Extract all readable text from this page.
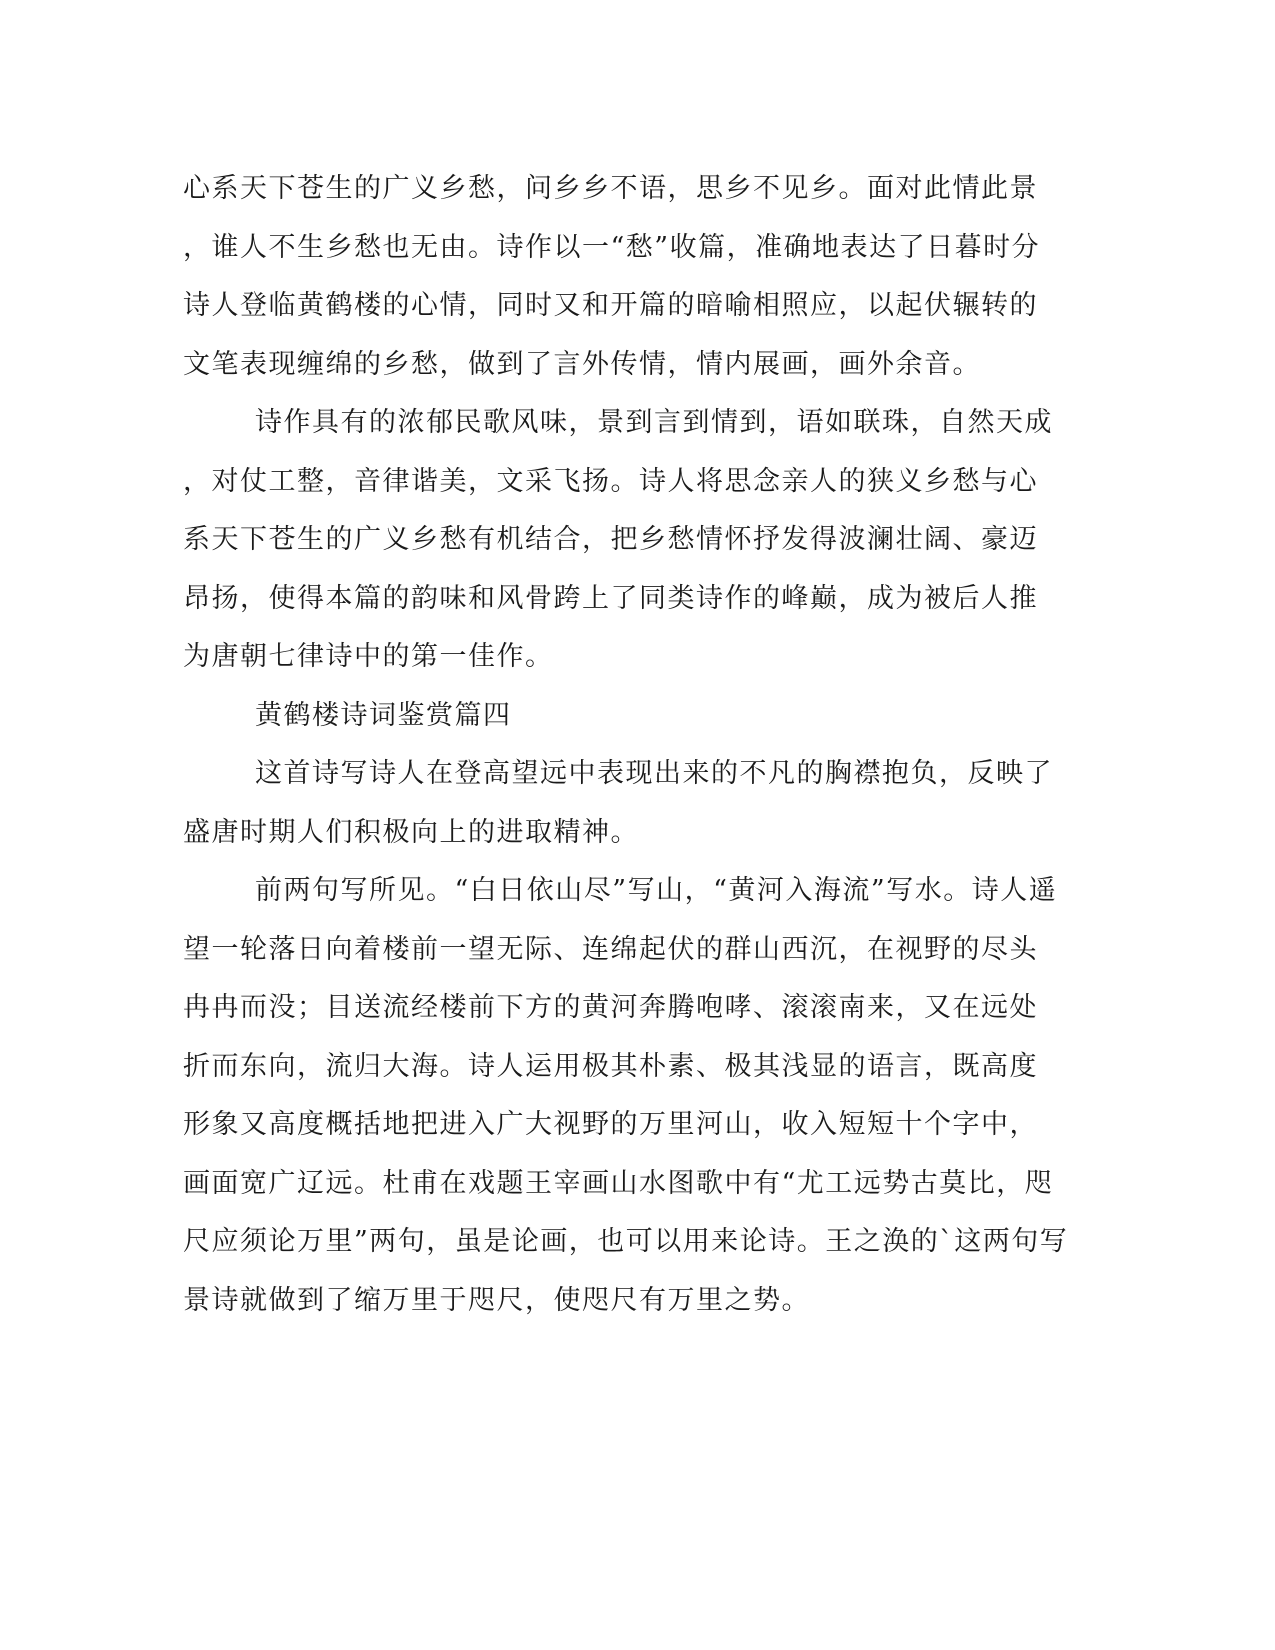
心系天下苍生的广义乡愁，问乡乡不语，思乡不见乡。面对此情此景
，谁人不生乡愁也无由。诗作以一“愁”收篇，准确地表达了日暮时分
诗人登临黄鹤楼的心情，同时又和开篇的暗喻相照应，以起伏辗转的
文笔表现缠绵的乡愁，做到了言外传情，情内展画，画外余音。
诗作具有的浓郁民歌风味，景到言到情到，语如联珠，自然天成
，对仗工整，音律谐美，文采飞扬。诗人将思念亲人的狭义乡愁与心
系天下苍生的广义乡愁有机结合，把乡愁情怀抒发得波澜壮阔、豪迈
昂扬，使得本篇的韵味和风骨跨上了同类诗作的峰巅，成为被后人推
为唐朝七律诗中的第一佳作。
黄鹤楼诗词鉴赏篇四
这首诗写诗人在登高望远中表现出来的不凡的胸襟抱负，反映了
盛唐时期人们积极向上的进取精神。
前两句写所见。“白日依山尽”写山，“黄河入海流”写水。诗人遥
望一轮落日向着楼前一望无际、连绵起伏的群山西沉，在视野的尽头
冉冉而没；目送流经楼前下方的黄河奔腾咆哮、滚滚南来，又在远处
折而东向，流归大海。诗人运用极其朴素、极其浅显的语言，既高度
形象又高度概括地把进入广大视野的万里河山，收入短短十个字中，
画面宽广辽远。杜甫在戏题王宰画山水图歌中有“尤工远势古莫比，咫
尺应须论万里”两句，虽是论画，也可以用来论诗。王之涣的`这两句写
景诗就做到了缩万里于咫尺，使咫尺有万里之势。
